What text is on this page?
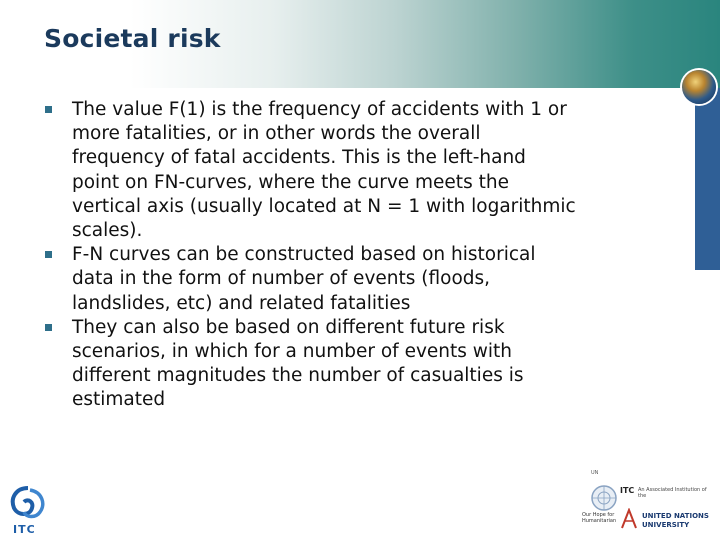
Societal risk
The value F(1) is the frequency of accidents with 1 or
more fatalities, or in other words the overall
frequency of fatal accidents. This is the left-hand
point on FN-curves, where the curve meets the
vertical axis (usually located at N = 1 with logarithmic
scales).
F-N curves can be constructed based on historical
data in the form of number of events (floods,
landslides, etc) and related fatalities
They can also be based on different future risk
scenarios, in which for a number of events with
different magnitudes the number of casualties is
estimated
ITC
UN
Our Hope for Humanitarian
ITC An Associated Institution of the
UNITED NATIONS
UNIVERSITY
